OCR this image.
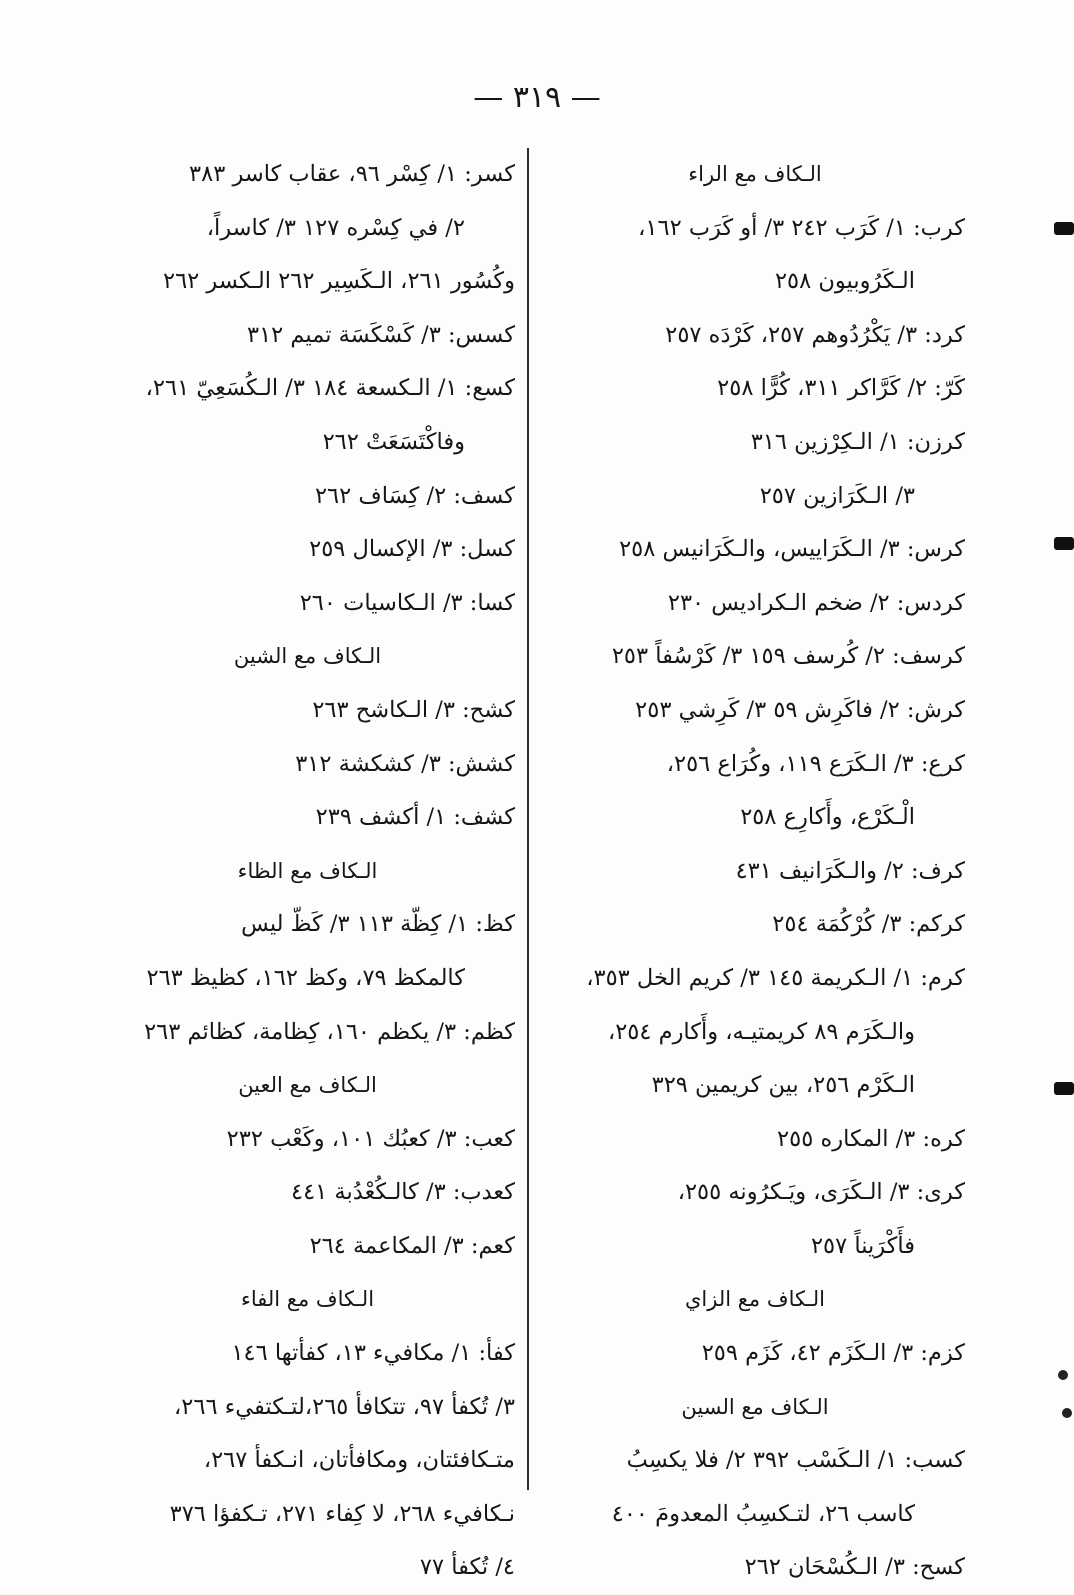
— ٣١٩ —
الـكاف مع الراء
كرب: ١/ كَرَب ٢٤٢ ٣/ أو كَرَب ١٦٢،
الـكَرُوبيون ٢٥٨
كرد: ٣/ يَكْرُدُوهم ٢٥٧، كَرْدَه ٢٥٧
كَرّ: ٢/ كَرَّاكر ٣١١، كُرًّا ٢٥٨
كرزن: ١/ الـكِرْزين ٣١٦
٣/ الـكَرَازين ٢٥٧
كرس: ٣/ الـكَرَاييس، والـكَرَانيس ٢٥٨
كردس: ٢/ ضخم الـكراديس ٢٣٠
كرسف: ٢/ كُرسف ١٥٩ ٣/ كَرْسُفاً ٢٥٣
كرش: ٢/ فاكَرِش ٥٩ ٣/ كَرِشي ٢٥٣
كرع: ٣/ الـكَرَع ١١٩، وكُرَاع ٢٥٦،
الْـكَرْع، وأَكارِع ٢٥٨
كرف: ٢/ والـكَرَانيف ٤٣١
كركم: ٣/ كُرْكُمَة ٢٥٤
كرم: ١/ الـكريمة ١٤٥ ٣/ كريم الخل ٣٥٣،
والـكَرَم ٨٩ كريمتيـه، وأَكارم ٢٥٤،
الـكَرْم ٢٥٦، بين كريمين ٣٢٩
كره: ٣/ المكاره ٢٥٥
كرى: ٣/ الـكَرَى، ويَـكرُونه ٢٥٥،
فأَكْرَيناً ٢٥٧
الـكاف مع الزاي
كزم: ٣/ الـكَزَم ٤٢، كَزَم ٢٥٩
الـكاف مع السين
كسب: ١/ الـكَسْب ٣٩٢ ٢/ فلا يكسِبُ
كاسب ٢٦، لتـكسِبُ المعدومَ ٤٠٠
كسح: ٣/ الـكُسْحَان ٢٦٢
كسر: ١/ كِسْر ٩٦، عقاب كاسر ٣٨٣
٢/ في كِسْره ١٢٧ ٣/ كاسراً،
وكُسُور ٢٦١، الـكَسِير ٢٦٢ الـكسر ٢٦٢
كسس: ٣/ كَسْكَسَة تميم ٣١٢
كسع: ١/ الـكسعة ١٨٤ ٣/ الـكُسَعِيّ ٢٦١،
وفاكْتَسَعَتْ ٢٦٢
كسف: ٢/ كِسَاف ٢٦٢
كسل: ٣/ الإكسال ٢٥٩
كسا: ٣/ الـكاسيات ٢٦٠
الـكاف مع الشين
كشح: ٣/ الـكاشح ٢٦٣
كشش: ٣/ كشكشة ٣١٢
كشف: ١/ أكشف ٢٣٩
الـكاف مع الظاء
كظ: ١/ كِظّة ١١٣ ٣/ كَظّ ليس
كالمكظ ٧٩، وكظ ١٦٢، كظيظ ٢٦٣
كظم: ٣/ يكظم ١٦٠، كِظامة، كظائم ٢٦٣
الـكاف مع العين
كعب: ٣/ كعبُك ١٠١، وكَعْب ٢٣٢
كعدب: ٣/ كالـكُعْدُبة ٤٤١
كعم: ٣/ المكاعمة ٢٦٤
الـكاف مع الفاء
كفأ: ١/ مكافيء ١٣، كفأتها ١٤٦
٣/ تُكفأ ٩٧، تتكافأ ٢٦٥،لتـكتفيء ٢٦٦،
متـكافئتان، ومكافأتان، انـكفأ ٢٦٧،
نـكافيء ٢٦٨، لا كِفاء ٢٧١، تـكفؤا ٣٧٦
٤/ تُكفأ ٧٧
